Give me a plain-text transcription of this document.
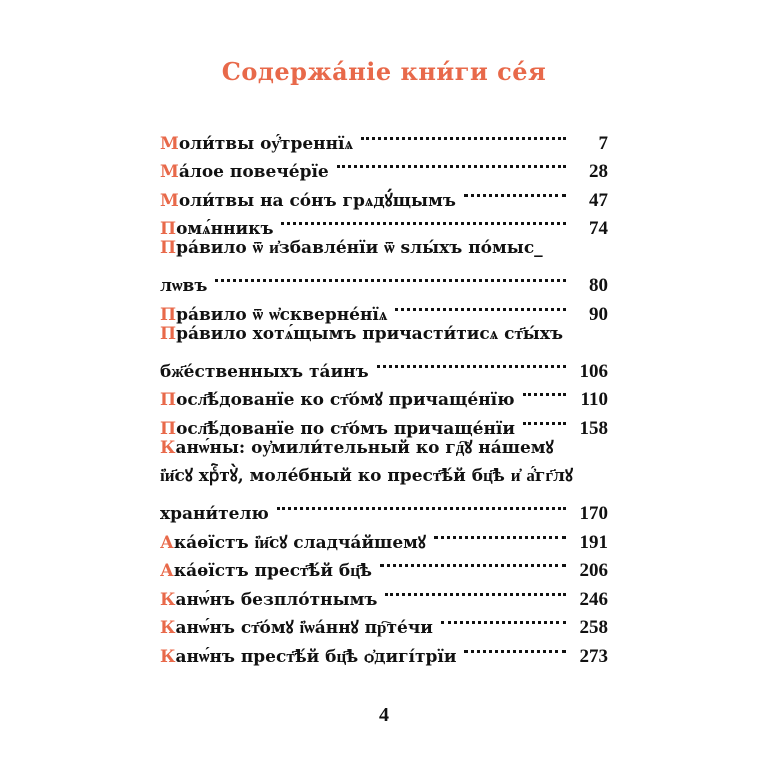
Содержа́ніе кни́ги се́я
Моли́твы оу҆́треннїѧ	7
Ма́лое повече́рїе	28
Моли́твы на со́нъ грѧдꙋ́щымъ	47
Помѧ́нникъ	74
Пра́вило ѿ и҆збавле́нїи ѿ ѕлы́хъ по́мыс_
лѡвъ	80
Пра́вило ѿ ѡ҆скверне́нїѧ	90
Пра́вило хотѧ́щымъ причасти́тисѧ ст҃ы́хъ
бж҃е́ственныхъ та́инъ	106
Посл҃ѣ́дованїе ко ст҃о́мꙋ причаще́нїю	110
Посл҃ѣ́дованїе по ст҃о́мъ причаще́нїи	158
Канѡ́ны: оу҆мили́тельный ко гд҇ꙋ на́шемꙋ
і҆и҃сꙋ хрⷭ҇тꙋ̀, моле́бный ко прест҃ѣ́й бц҃ѣ и҆ а҆́гг҃лꙋ
храни́телю	170
Ака́ѳїстъ і҆и҃сꙋ сладча́йшемꙋ	191
Ака́ѳїстъ прест҃ѣ́й бц҃ѣ	206
Канѡ́нъ безпло́тнымъ	246
Канѡ́нъ ст҃о́мꙋ і҆ѡа́ннꙋ пр҇те́чи	258
Канѡ́нъ прест҃ѣ́й бц҃ѣ ѻ҆дигі́трїи	273
4
